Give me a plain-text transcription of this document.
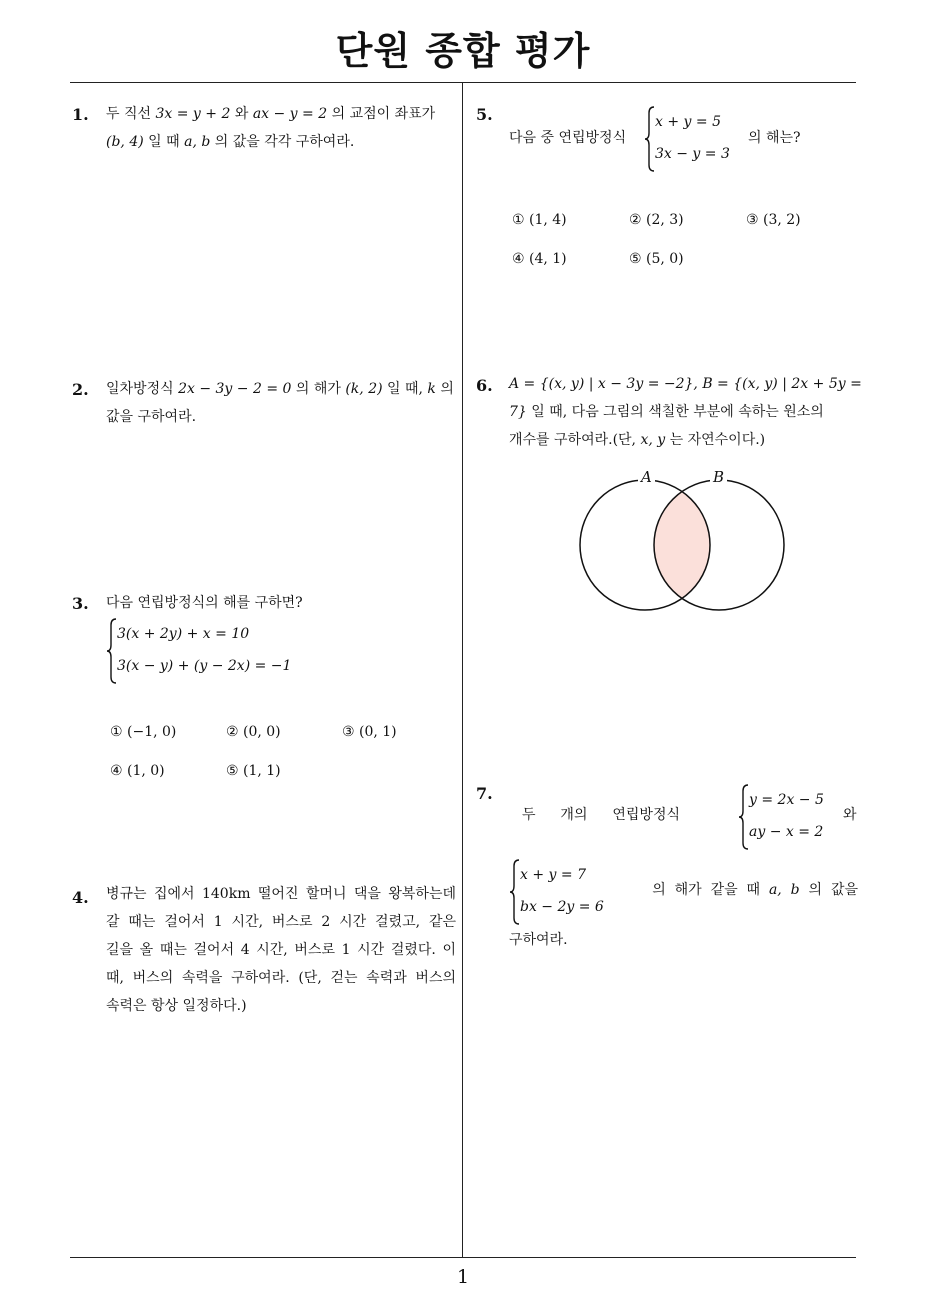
단원 종합 평가
1
1. 두 직선 3x = y + 2 와 ax − y = 2 의 교점이 좌표가
(b, 4) 일 때 a, b 의 값을 각각 구하여라.
2. 일차방정식 2x − 3y − 2 = 0 의 해가 (k, 2) 일 때, k 의
값을 구하여라.
3. 다음 연립방정식의 해를 구하면?
3(x + 2y) + x = 10
3(x − y) + (y − 2x) = −1
① (−1, 0)	② (0, 0)	③ (0, 1)
④ (1, 0)	⑤ (1, 1)
4. 병규는 집에서 140km 떨어진 할머니 댁을 왕복하는데
갈 때는 걸어서 1 시간, 버스로 2 시간 걸렸고, 같은
길을 올 때는 걸어서 4 시간, 버스로 1 시간 걸렸다. 이
때, 버스의 속력을 구하여라. (단, 걷는 속력과 버스의
속력은 항상 일정하다.)
5.
다음 중 연립방정식
x + y = 5
3x − y = 3
의 해는?
① (1, 4)	② (2, 3)	③ (3, 2)
④ (4, 1)	⑤ (5, 0)
6. A = {(x, y) | x − 3y = −2}, B = {(x, y) | 2x + 5y =
7} 일 때, 다음 그림의 색칠한 부분에 속하는 원소의
개수를 구하여라.(단, x, y 는 자연수이다.)
A	B
7.
두  개의  연립방정식
y = 2x − 5
ay − x = 2
와
x + y = 7
bx − 2y = 6
의  해가  같을  때  a,  b  의  값을
구하여라.
